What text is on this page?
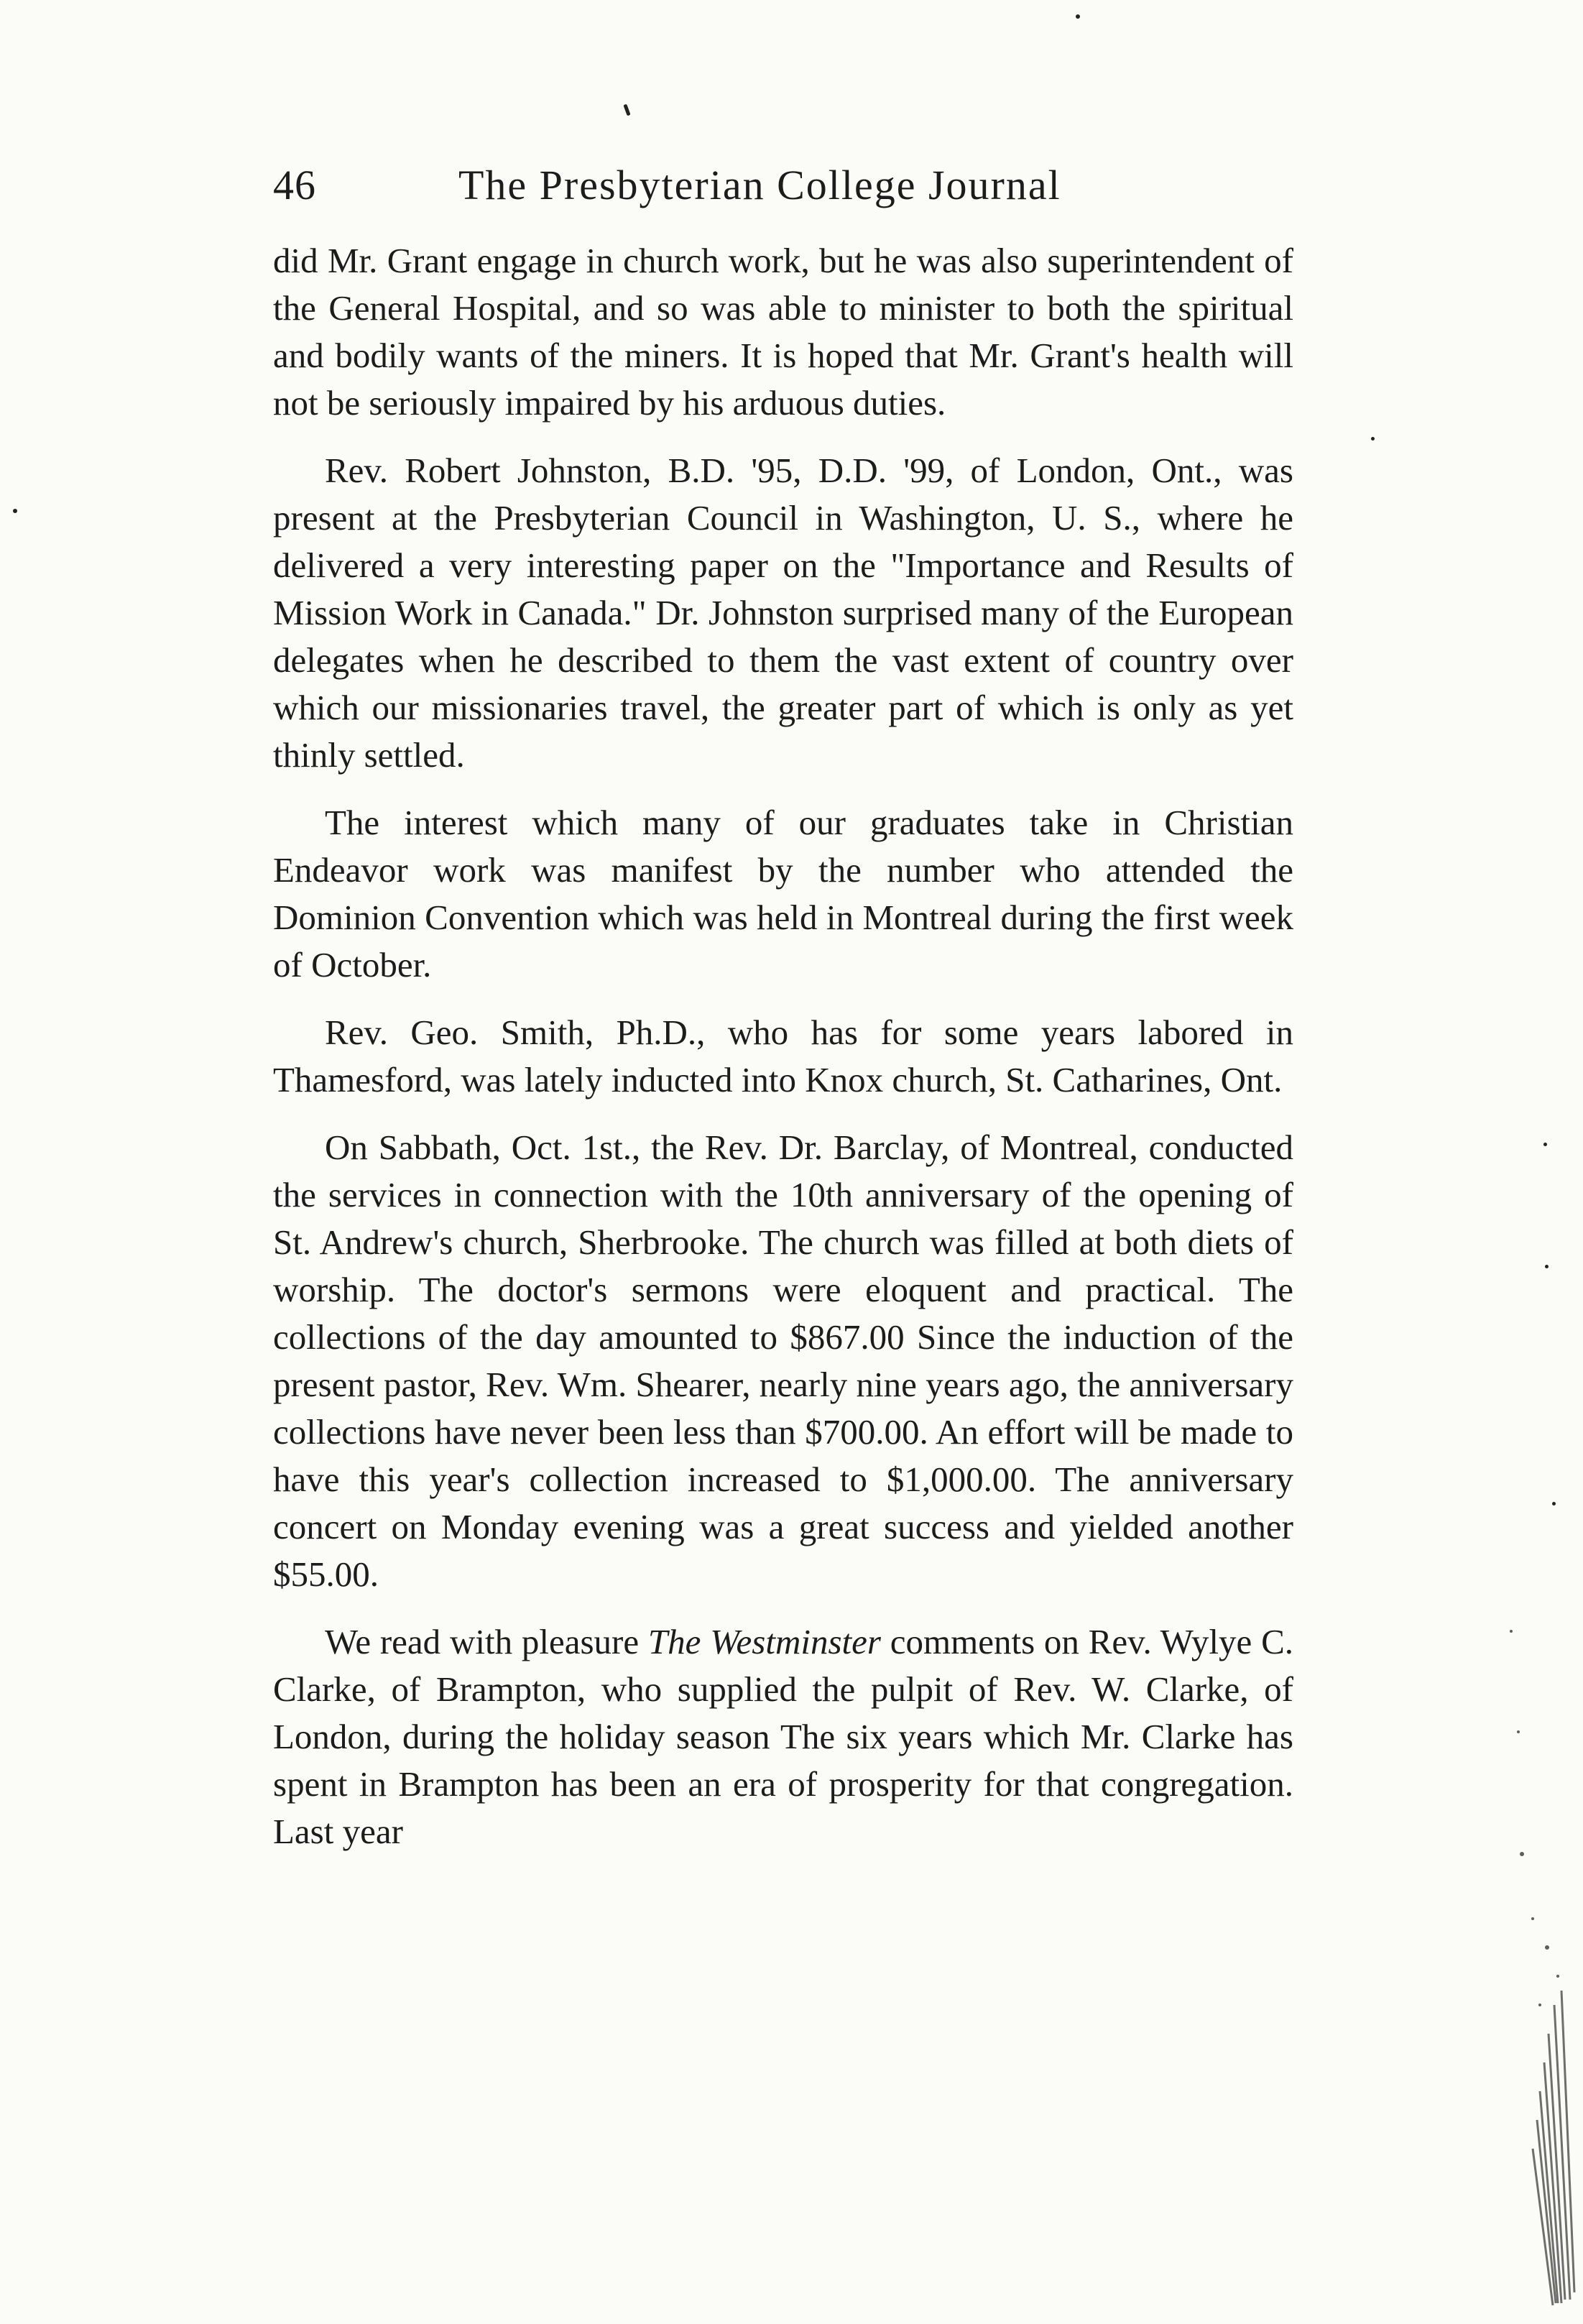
46	The Presbyterian College Journal

did Mr. Grant engage in church work, but he was also superintendent of the General Hospital, and so was able to minister to both the spiritual and bodily wants of the miners. It is hoped that Mr. Grant's health will not be seriously impaired by his arduous duties.

Rev. Robert Johnston, B.D. '95, D.D. '99, of London, Ont., was present at the Presbyterian Council in Washington, U. S., where he delivered a very interesting paper on the "Importance and Results of Mission Work in Canada." Dr. Johnston surprised many of the European delegates when he described to them the vast extent of country over which our missionaries travel, the greater part of which is only as yet thinly settled.

The interest which many of our graduates take in Christian Endeavor work was manifest by the number who attended the Dominion Convention which was held in Montreal during the first week of October.

Rev. Geo. Smith, Ph.D., who has for some years labored in Thamesford, was lately inducted into Knox church, St. Catharines, Ont.

On Sabbath, Oct. 1st., the Rev. Dr. Barclay, of Montreal, conducted the services in connection with the 10th anniversary of the opening of St. Andrew's church, Sherbrooke. The church was filled at both diets of worship. The doctor's sermons were eloquent and practical. The collections of the day amounted to $867.00 Since the induction of the present pastor, Rev. Wm. Shearer, nearly nine years ago, the anniversary collections have never been less than $700.00. An effort will be made to have this year's collection increased to $1,000.00. The anniversary concert on Monday evening was a great success and yielded another $55.00.

We read with pleasure The Westminster comments on Rev. Wylye C. Clarke, of Brampton, who supplied the pulpit of Rev. W. Clarke, of London, during the holiday season The six years which Mr. Clarke has spent in Brampton has been an era of prosperity for that congregation. Last year
